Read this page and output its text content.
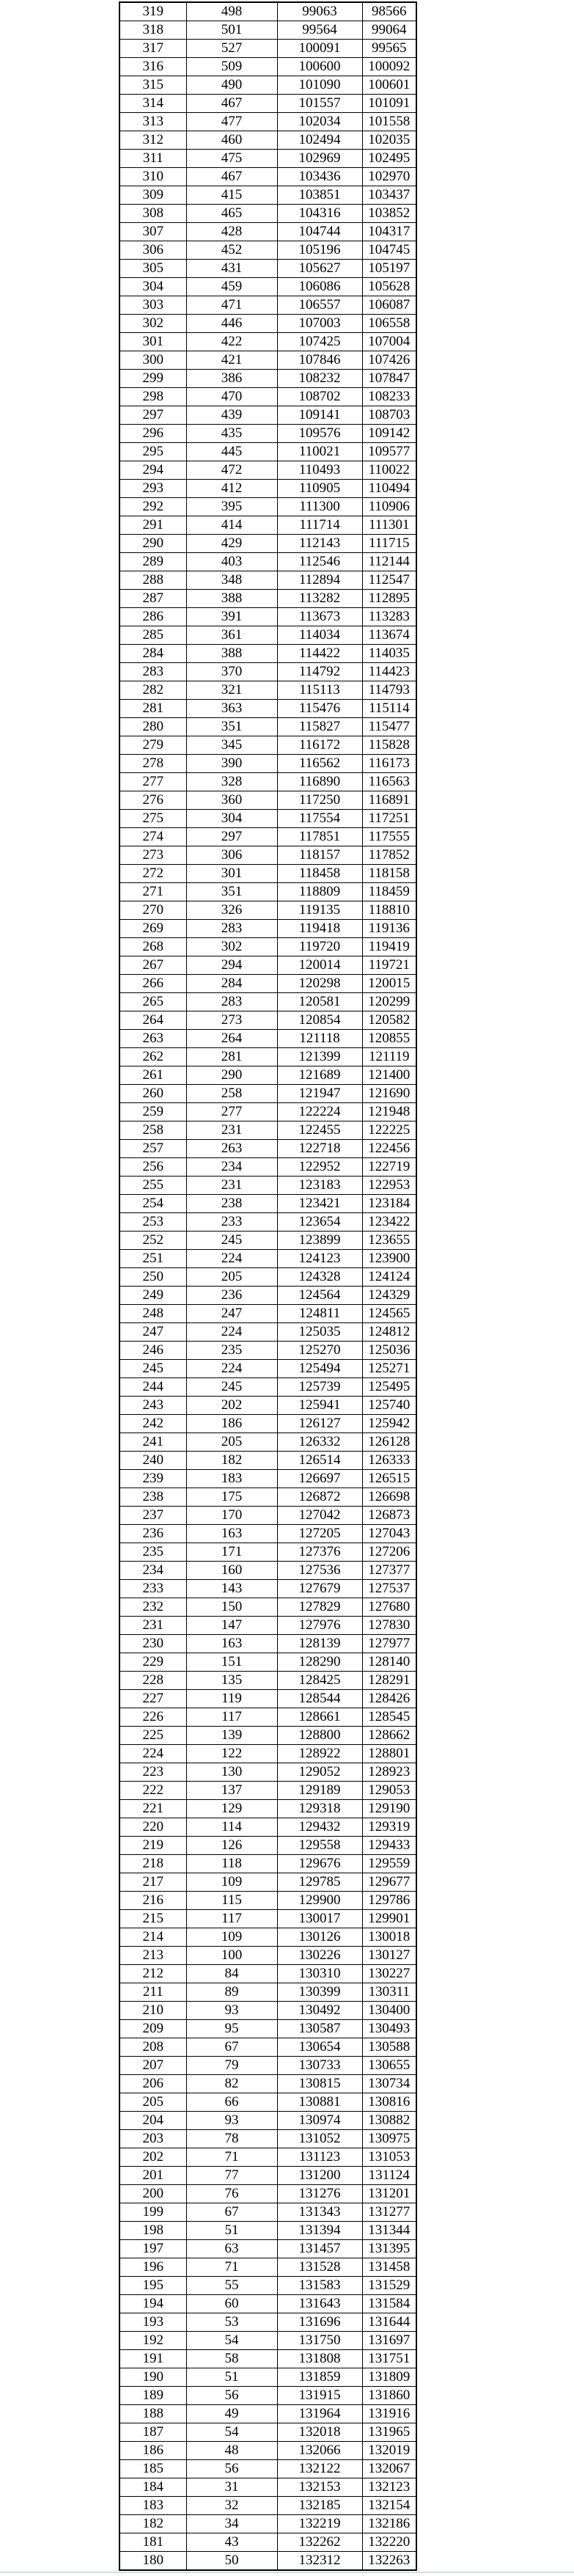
319	498	99063	98566
318	501	99564	99064
317	527	100091	99565
316	509	100600	100092
315	490	101090	100601
314	467	101557	101091
313	477	102034	101558
312	460	102494	102035
311	475	102969	102495
310	467	103436	102970
309	415	103851	103437
308	465	104316	103852
307	428	104744	104317
306	452	105196	104745
305	431	105627	105197
304	459	106086	105628
303	471	106557	106087
302	446	107003	106558
301	422	107425	107004
300	421	107846	107426
299	386	108232	107847
298	470	108702	108233
297	439	109141	108703
296	435	109576	109142
295	445	110021	109577
294	472	110493	110022
293	412	110905	110494
292	395	111300	110906
291	414	111714	111301
290	429	112143	111715
289	403	112546	112144
288	348	112894	112547
287	388	113282	112895
286	391	113673	113283
285	361	114034	113674
284	388	114422	114035
283	370	114792	114423
282	321	115113	114793
281	363	115476	115114
280	351	115827	115477
279	345	116172	115828
278	390	116562	116173
277	328	116890	116563
276	360	117250	116891
275	304	117554	117251
274	297	117851	117555
273	306	118157	117852
272	301	118458	118158
271	351	118809	118459
270	326	119135	118810
269	283	119418	119136
268	302	119720	119419
267	294	120014	119721
266	284	120298	120015
265	283	120581	120299
264	273	120854	120582
263	264	121118	120855
262	281	121399	121119
261	290	121689	121400
260	258	121947	121690
259	277	122224	121948
258	231	122455	122225
257	263	122718	122456
256	234	122952	122719
255	231	123183	122953
254	238	123421	123184
253	233	123654	123422
252	245	123899	123655
251	224	124123	123900
250	205	124328	124124
249	236	124564	124329
248	247	124811	124565
247	224	125035	124812
246	235	125270	125036
245	224	125494	125271
244	245	125739	125495
243	202	125941	125740
242	186	126127	125942
241	205	126332	126128
240	182	126514	126333
239	183	126697	126515
238	175	126872	126698
237	170	127042	126873
236	163	127205	127043
235	171	127376	127206
234	160	127536	127377
233	143	127679	127537
232	150	127829	127680
231	147	127976	127830
230	163	128139	127977
229	151	128290	128140
228	135	128425	128291
227	119	128544	128426
226	117	128661	128545
225	139	128800	128662
224	122	128922	128801
223	130	129052	128923
222	137	129189	129053
221	129	129318	129190
220	114	129432	129319
219	126	129558	129433
218	118	129676	129559
217	109	129785	129677
216	115	129900	129786
215	117	130017	129901
214	109	130126	130018
213	100	130226	130127
212	84	130310	130227
211	89	130399	130311
210	93	130492	130400
209	95	130587	130493
208	67	130654	130588
207	79	130733	130655
206	82	130815	130734
205	66	130881	130816
204	93	130974	130882
203	78	131052	130975
202	71	131123	131053
201	77	131200	131124
200	76	131276	131201
199	67	131343	131277
198	51	131394	131344
197	63	131457	131395
196	71	131528	131458
195	55	131583	131529
194	60	131643	131584
193	53	131696	131644
192	54	131750	131697
191	58	131808	131751
190	51	131859	131809
189	56	131915	131860
188	49	131964	131916
187	54	132018	131965
186	48	132066	132019
185	56	132122	132067
184	31	132153	132123
183	32	132185	132154
182	34	132219	132186
181	43	132262	132220
180	50	132312	132263
